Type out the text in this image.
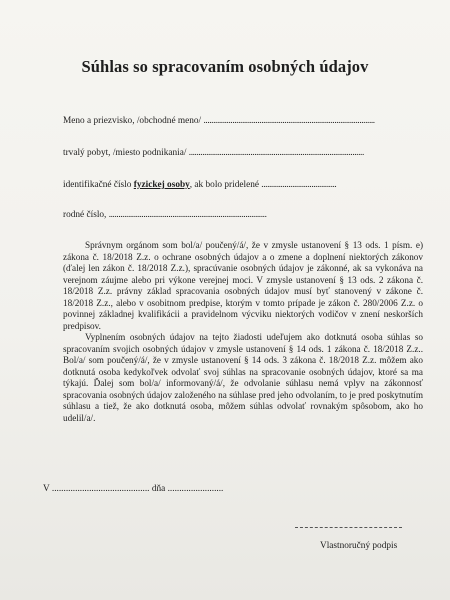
Súhlas so spracovaním osobných údajov
Meno a priezvisko, /obchodné meno/ .........................................................................................
trvalý pobyt, /miesto podnikania/ ...........................................................................................
identifikačné číslo fyzickej osoby, ak bolo pridelené .......................................
rodné číslo, ..................................................................................

Správnym orgánom som bol/a/ poučený/á/, že v zmysle ustanovení § 13 ods. 1 písm. e) zákona č. 18/2018 Z.z. o ochrane osobných údajov a o zmene a doplnení niektorých zákonov (ďalej len zákon č. 18/2018 Z.z.), spracúvanie osobných údajov je zákonné, ak sa vykonáva na verejnom záujme alebo pri výkone verejnej moci. V zmysle ustanovení § 13 ods. 2 zákona č. 18/2018 Z.z. právny základ spracovania osobných údajov musí byť stanovený v zákone č. 18/2018 Z.z., alebo v osobitnom predpise, ktorým v tomto prípade je zákon č. 280/2006 Z.z. o povinnej základnej kvalifikácii a pravidelnom výcviku niektorých vodičov v znení neskorších predpisov.

Vyplnením osobných údajov na tejto žiadosti udeľujem ako dotknutá osoba súhlas so spracovaním svojich osobných údajov v zmysle ustanovení § 14 ods. 1 zákona č. 18/2018 Z.z.. Bol/a/ som poučený/á/, že v zmysle ustanovení § 14 ods. 3 zákona č. 18/2018 Z.z. môžem ako dotknutá osoba kedykoľvek odvolať svoj súhlas na spracovanie osobných údajov, ktoré sa ma týkajú. Ďalej som bol/a/ informovaný/á/, že odvolanie súhlasu nemá vplyv na zákonnosť spracovania osobných údajov založeného na súhlase pred jeho odvolaním, to je pred poskytnutím súhlasu a tiež, že ako dotknutá osoba, môžem súhlas odvolať rovnakým spôsobom, ako ho udelil/a/.

V .......................................... dňa ........................
Vlastnoručný podpis
